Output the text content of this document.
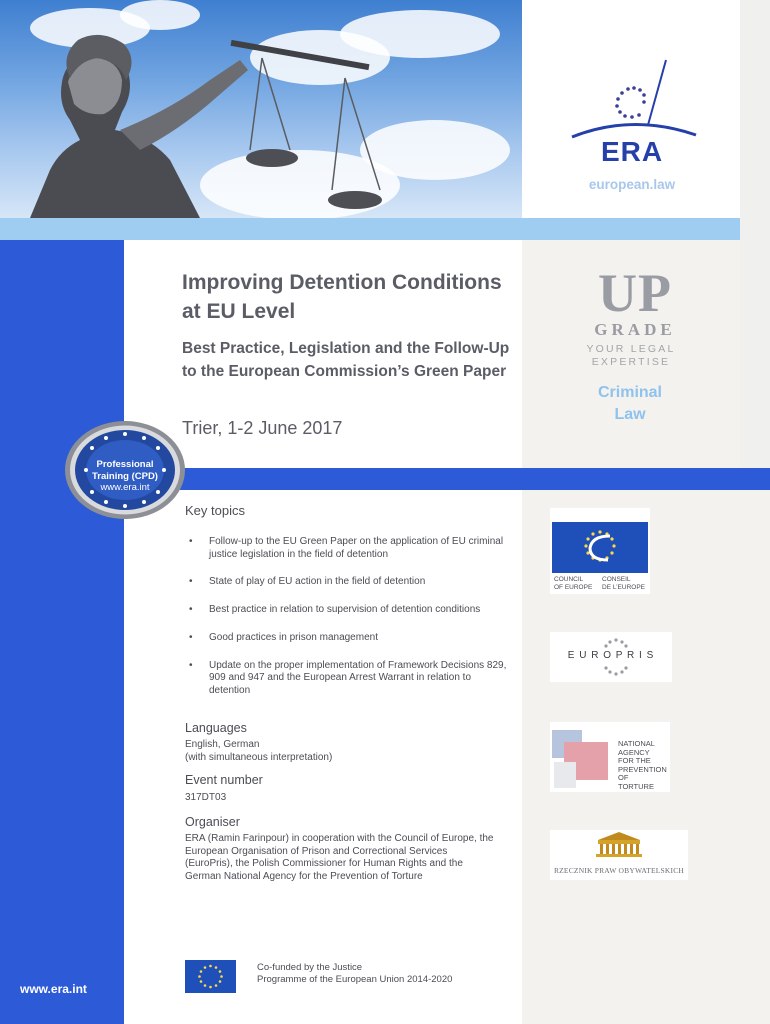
ERA
european.law
Improving Detention Conditions at EU Level
Best Practice, Legislation and the Follow-Up to the European Commission’s Green Paper
Trier, 1-2 June 2017
UP
GRADE
YOUR LEGAL
EXPERTISE
Criminal
Law
Professional
Training (CPD)
www.era.int
Key topics
• Follow-up to the EU Green Paper on the application of EU criminal justice legislation in the field of detention
• State of play of EU action in the field of detention
• Best practice in relation to supervision of detention conditions
• Good practices in prison management
• Update on the proper implementation of Framework Decisions 829, 909 and 947 and the European Arrest Warrant in relation to detention
Languages
English, German
(with simultaneous interpretation)
Event number
317DT03
Organiser
ERA (Ramin Farinpour) in cooperation with the Council of Europe, the European Organisation of Prison and Correctional Services (EuroPris), the Polish Commissioner for Human Rights and the German National Agency for the Prevention of Torture
www.era.int
Co-funded by the Justice
Programme of the European Union 2014-2020
COUNCIL
OF EUROPE
CONSEIL
DE L’EUROPE
E U R O P R I S
NATIONAL
AGENCY
FOR THE
PREVENTION
OF
TORTURE
RZECZNIK PRAW OBYWATELSKICH
